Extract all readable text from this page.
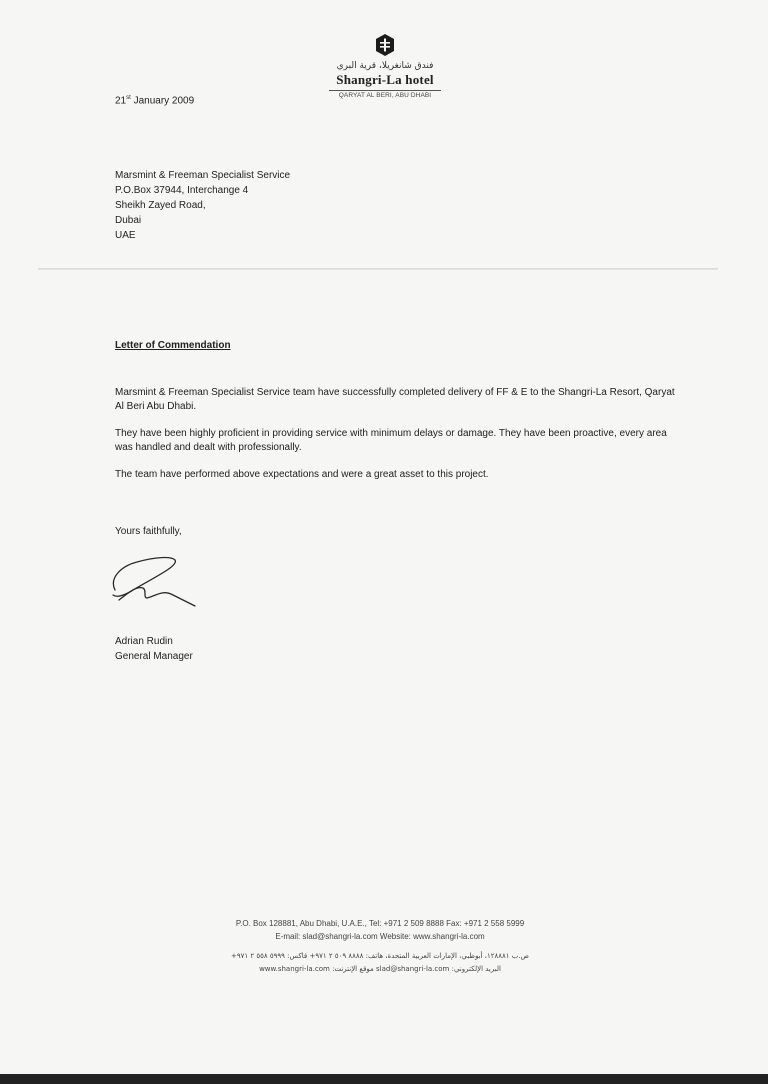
فندق شانغريلا، قرية البري
Shangri-La hotel
QARYAT AL BERI, ABU DHABI
21st January 2009
Marsmint & Freeman Specialist Service
P.O.Box 37944, Interchange 4
Sheikh Zayed Road,
Dubai
UAE
Letter of Commendation

Marsmint & Freeman Specialist Service team have successfully completed delivery of FF & E to the Shangri-La Resort, Qaryat Al Beri Abu Dhabi.

They have been highly proficient in providing service with minimum delays or damage. They have been proactive, every area was handled and dealt with professionally.

The team have performed above expectations and were a great asset to this project.

Yours faithfully,
Adrian Rudin
General Manager
P.O. Box 128881, Abu Dhabi, U.A.E., Tel: +971 2 509 8888 Fax: +971 2 558 5999
E-mail: slad@shangri-la.com Website: www.shangri-la.com
ص.ب ١٢٨٨٨١، أبوظبي، الإمارات العربية المتحدة، هاتف: ٨٨٨٨ ٥٠٩ ٢ ٩٧١+ فاكس: ٥٩٩٩ ٥٥٨ ٢ ٩٧١+
البريد الإلكتروني: slad@shangri-la.com موقع الإنترنت: www.shangri-la.com
